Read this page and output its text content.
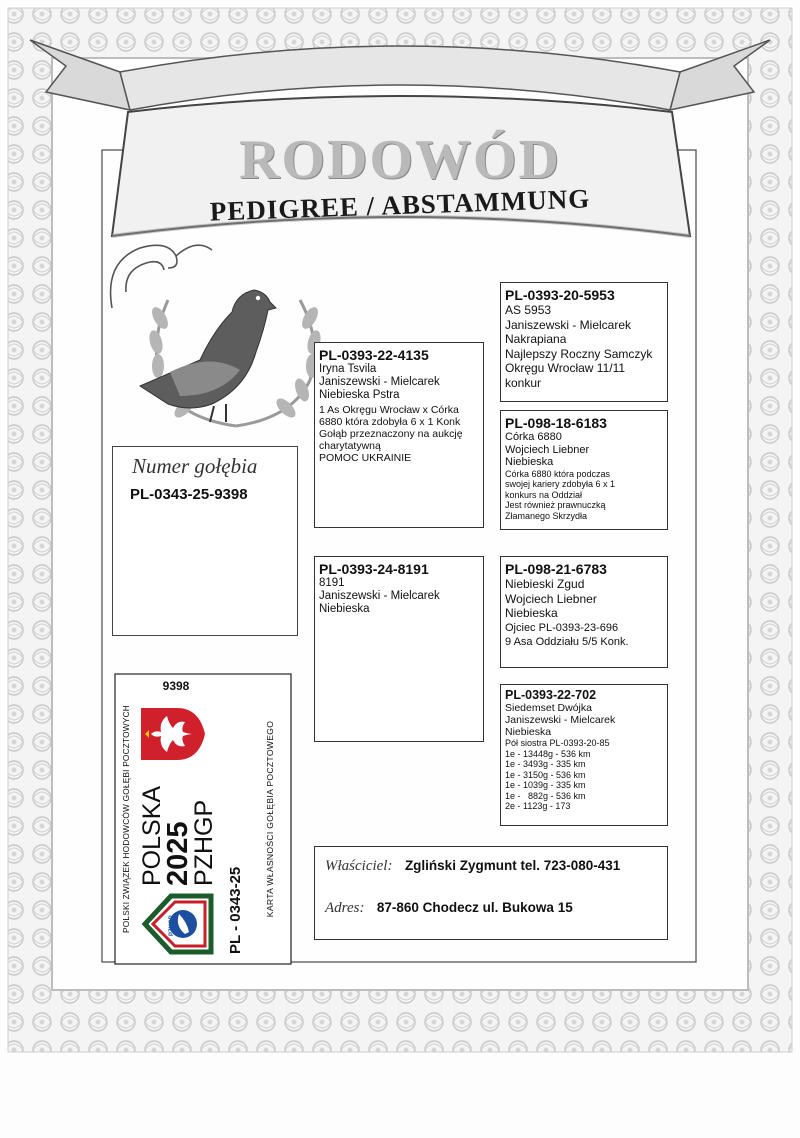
RODOWÓD
PEDIGREE / ABSTAMMUNG
Numer gołębia
PL-0343-25-9398
PL-0393-22-4135
Iryna Tsvila
Janiszewski - Mielcarek
Niebieska Pstra
1 As Okręgu Wrocław x Córka
6880 która zdobyła 6 x 1 Konk
Gołąb przeznaczony na aukcję
charytatywną
POMOC UKRAINIE
PL-0393-24-8191
8191
Janiszewski - Mielcarek
Niebieska
PL-0393-20-5953
AS 5953
Janiszewski - Mielcarek
Nakrapiana
Najlepszy Roczny Samczyk
Okręgu Wrocław 11/11
konkur
PL-098-18-6183
Córka 6880
Wojciech Liebner
Niebieska
Córka 6880 która podczas
swojej kariery zdobyła 6 x 1
konkurs na Oddział
Jest również prawnuczką
Złamanego Skrzydła
PL-098-21-6783
Niebieski Zgud
Wojciech Liebner
Niebieska
Ojciec PL-0393-23-696
9 Asa Oddziału 5/5 Konk.
PL-0393-22-702
Siedemset Dwójka
Janiszewski - Mielcarek
Niebieska
Pół siostra PL-0393-20-85
1e - 13448g - 536 km
1e - 3493g - 335 km
1e - 3150g - 536 km
1e - 1039g - 335 km
1e -   882g - 536 km
2e - 1123g - 173
Właściciel: Zgliński Zygmunt tel. 723-080-431
Adres: 87-860 Chodecz ul. Bukowa 15
POLSKI ZWIĄZEK HODOWCÓW GOŁĘBI POCZTOWYCH	PZHGP
POLSKA
2025
PZHGP
9398
PL - 0343-25 KARTA WŁASNOŚCI GOŁĘBIA POCZTOWEGO
